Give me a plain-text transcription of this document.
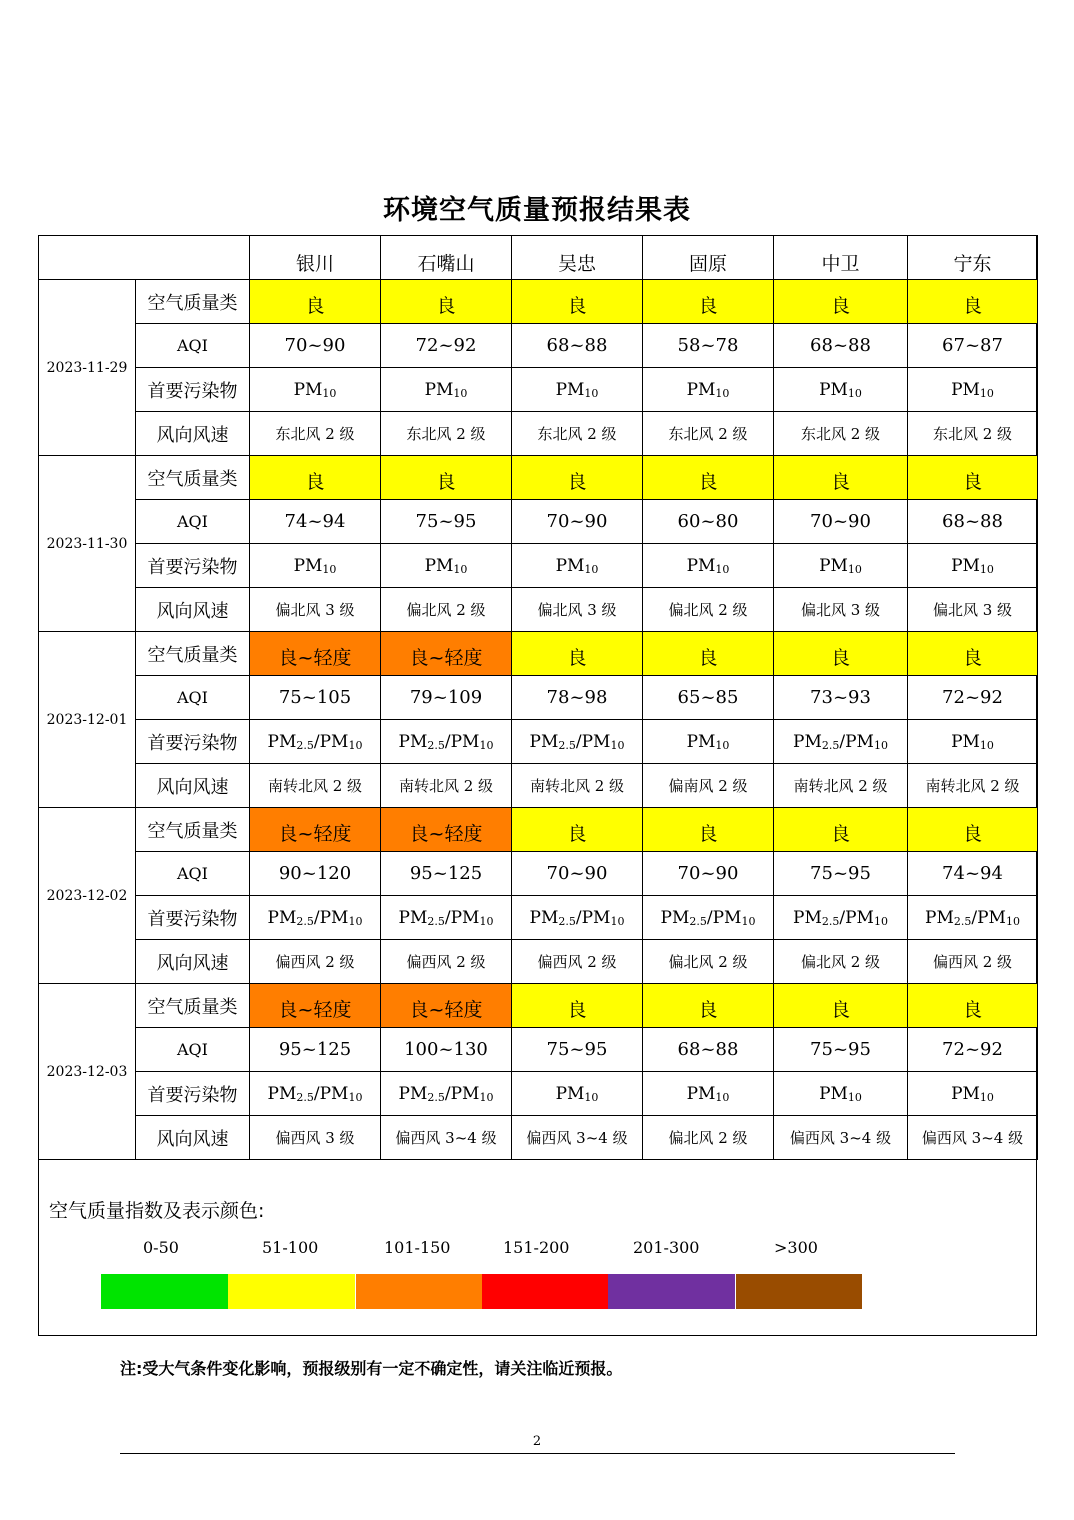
环境空气质量预报结果表
		银川	石嘴山	吴忠	固原	中卫	宁东
2023-11-29	空气质量类	良	良	良	良	良	良
	AQI	70~90	72~92	68~88	58~78	68~88	67~87
	首要污染物	$PM_{10}$	$PM_{10}$	$PM_{10}$	$PM_{10}$	$PM_{10}$	$PM_{10}$
	风向风速	东北风 2 级	东北风 2 级	东北风 2 级	东北风 2 级	东北风 2 级	东北风 2 级
2023-11-30	空气质量类	良	良	良	良	良	良
	AQI	74~94	75~95	70~90	60~80	70~90	68~88
	首要污染物	$PM_{10}$	$PM_{10}$	$PM_{10}$	$PM_{10}$	$PM_{10}$	$PM_{10}$
	风向风速	偏北风 3 级	偏北风 2 级	偏北风 3 级	偏北风 2 级	偏北风 3 级	偏北风 3 级
2023-12-01	空气质量类	良~轻度	良~轻度	良	良	良	良
	AQI	75~105	79~109	78~98	65~85	73~93	72~92
	首要污染物	$PM_{2.5}/PM_{10}$	$PM_{2.5}/PM_{10}$	$PM_{2.5}/PM_{10}$	$PM_{10}$	$PM_{2.5}/PM_{10}$	$PM_{10}$
	风向风速	南转北风 2 级	南转北风 2 级	南转北风 2 级	偏南风 2 级	南转北风 2 级	南转北风 2 级
2023-12-02	空气质量类	良~轻度	良~轻度	良	良	良	良
	AQI	90~120	95~125	70~90	70~90	75~95	74~94
	首要污染物	$PM_{2.5}/PM_{10}$	$PM_{2.5}/PM_{10}$	$PM_{2.5}/PM_{10}$	$PM_{2.5}/PM_{10}$	$PM_{2.5}/PM_{10}$	$PM_{2.5}/PM_{10}$
	风向风速	偏西风 2 级	偏西风 2 级	偏西风 2 级	偏北风 2 级	偏北风 2 级	偏西风 2 级
2023-12-03	空气质量类	良~轻度	良~轻度	良	良	良	良
	AQI	95~125	100~130	75~95	68~88	75~95	72~92
	首要污染物	$PM_{2.5}/PM_{10}$	$PM_{2.5}/PM_{10}$	$PM_{10}$	$PM_{10}$	$PM_{10}$	$PM_{10}$
	风向风速	偏西风 3 级	偏西风 3~4 级	偏西风 3~4 级	偏北风 2 级	偏西风 3~4 级	偏西风 3~4 级
空气质量指数及表示颜色:
0-50	51-100	101-150	151-200	201-300	>300
注:受大气条件变化影响，预报级别有一定不确定性，请关注临近预报。
2
